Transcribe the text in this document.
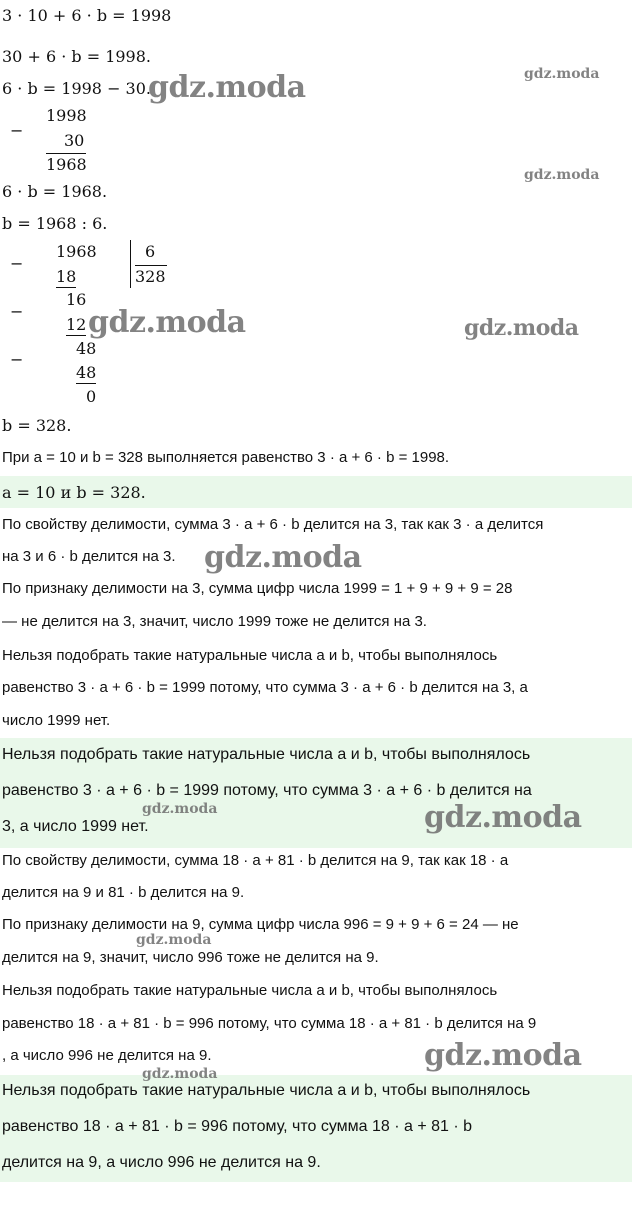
3 · 10 + 6 · b = 1998
30 + 6 · b = 1998.
6 · b = 1998 − 30.
−
1998
30
1968
6 · b = 1968.
b = 1968 : 6.
1968	6
328
−
18
16
−
12
48
−
48
0
b = 328.
При a = 10 и b = 328 выполняется равенство 3 · a + 6 · b = 1998.
a = 10 и b = 328.
По свойству делимости, сумма 3 · a + 6 · b делится на 3, так как 3 · a делится
на 3 и 6 · b делится на 3.
По признаку делимости на 3, сумма цифр числа 1999 = 1 + 9 + 9 + 9 = 28
— не делится на 3, значит, число 1999 тоже не делится на 3.
Нельзя подобрать такие натуральные числа a и b, чтобы выполнялось
равенство 3 · a + 6 · b = 1999 потому, что сумма 3 · a + 6 · b делится на 3, а
число 1999 нет.
Нельзя подобрать такие натуральные числа a и b, чтобы выполнялось
равенство 3 · a + 6 · b = 1999 потому, что сумма 3 · a + 6 · b делится на
3, а число 1999 нет.
По свойству делимости, сумма 18 · a + 81 · b делится на 9, так как 18 · a
делится на 9 и 81 · b делится на 9.
По признаку делимости на 9, сумма цифр числа 996 = 9 + 9 + 6 = 24 — не
делится на 9, значит, число 996 тоже не делится на 9.
Нельзя подобрать такие натуральные числа a и b, чтобы выполнялось
равенство 18 · a + 81 · b = 996 потому, что сумма 18 · a + 81 · b делится на 9
, а число 996 не делится на 9.
Нельзя подобрать такие натуральные числа a и b, чтобы выполнялось
равенство 18 · a + 81 · b = 996 потому, что сумма 18 · a + 81 · b
делится на 9, а число 996 не делится на 9.
gdz.moda	gdz.moda
gdz.moda
gdz.moda	gdz.moda
gdz.moda
gdz.moda	gdz.moda
gdz.moda
gdz.moda
gdz.moda
